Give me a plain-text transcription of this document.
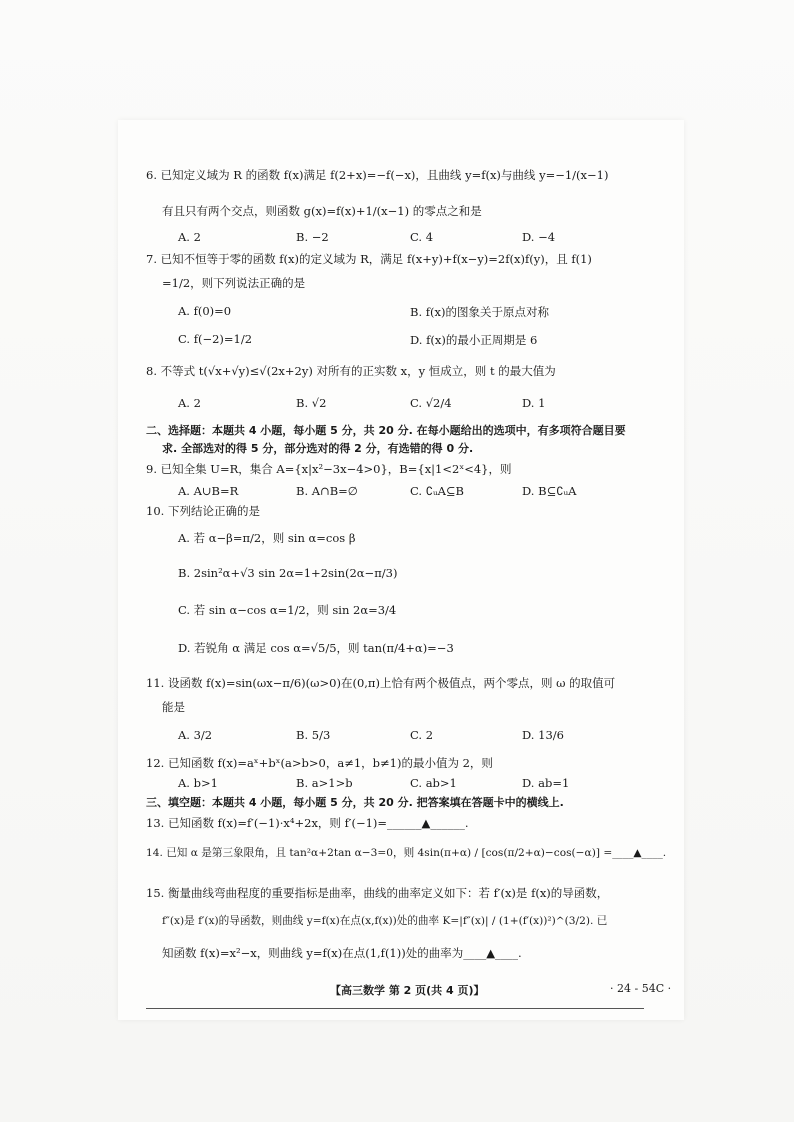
6. 已知定义域为 R 的函数 f(x)满足 f(2+x)=−f(−x)，且曲线 y=f(x)与曲线 y=−1/(x−1)
有且只有两个交点，则函数 g(x)=f(x)+1/(x−1) 的零点之和是
A. 2	B. −2	C. 4	D. −4
7. 已知不恒等于零的函数 f(x)的定义域为 R，满足 f(x+y)+f(x−y)=2f(x)f(y)，且 f(1)
=1/2，则下列说法正确的是
A. f(0)=0	B. f(x)的图象关于原点对称
C. f(−2)=1/2	D. f(x)的最小正周期是 6
8. 不等式 t(√x+√y)≤√(2x+2y) 对所有的正实数 x，y 恒成立，则 t 的最大值为
A. 2	B. √2	C. √2/4	D. 1
二、选择题：本题共 4 小题，每小题 5 分，共 20 分. 在每小题给出的选项中，有多项符合题目要
求. 全部选对的得 5 分，部分选对的得 2 分，有选错的得 0 分.
9. 已知全集 U=R，集合 A={x|x²−3x−4>0}，B={x|1<2ˣ<4}，则
A. A∪B=R	B. A∩B=∅	C. ∁ᵤA⊆B	D. B⊆∁ᵤA
10. 下列结论正确的是
A. 若 α−β=π/2，则 sin α=cos β
B. 2sin²α+√3 sin 2α=1+2sin(2α−π/3)
C. 若 sin α−cos α=1/2，则 sin 2α=3/4
D. 若锐角 α 满足 cos α=√5/5，则 tan(π/4+α)=−3
11. 设函数 f(x)=sin(ωx−π/6)(ω>0)在(0,π)上恰有两个极值点，两个零点，则 ω 的取值可
能是
A. 3/2	B. 5/3	C. 2	D. 13/6
12. 已知函数 f(x)=aˣ+bˣ(a>b>0，a≠1，b≠1)的最小值为 2，则
A. b>1	B. a>1>b	C. ab>1	D. ab=1
三、填空题：本题共 4 小题，每小题 5 分，共 20 分. 把答案填在答题卡中的横线上.
13. 已知函数 f(x)=f′(−1)·x⁴+2x，则 f′(−1)=______▲______.
14. 已知 α 是第三象限角，且 tan²α+2tan α−3=0，则 4sin(π+α) / [cos(π/2+α)−cos(−α)] =____▲____.
15. 衡量曲线弯曲程度的重要指标是曲率，曲线的曲率定义如下：若 f′(x)是 f(x)的导函数，
f″(x)是 f′(x)的导函数，则曲线 y=f(x)在点(x,f(x))处的曲率 K=|f″(x)| / (1+(f′(x))²)^(3/2). 已
知函数 f(x)=x²−x，则曲线 y=f(x)在点(1,f(1))处的曲率为____▲____.
【高三数学 第 2 页(共 4 页)】	· 24 - 54C ·
